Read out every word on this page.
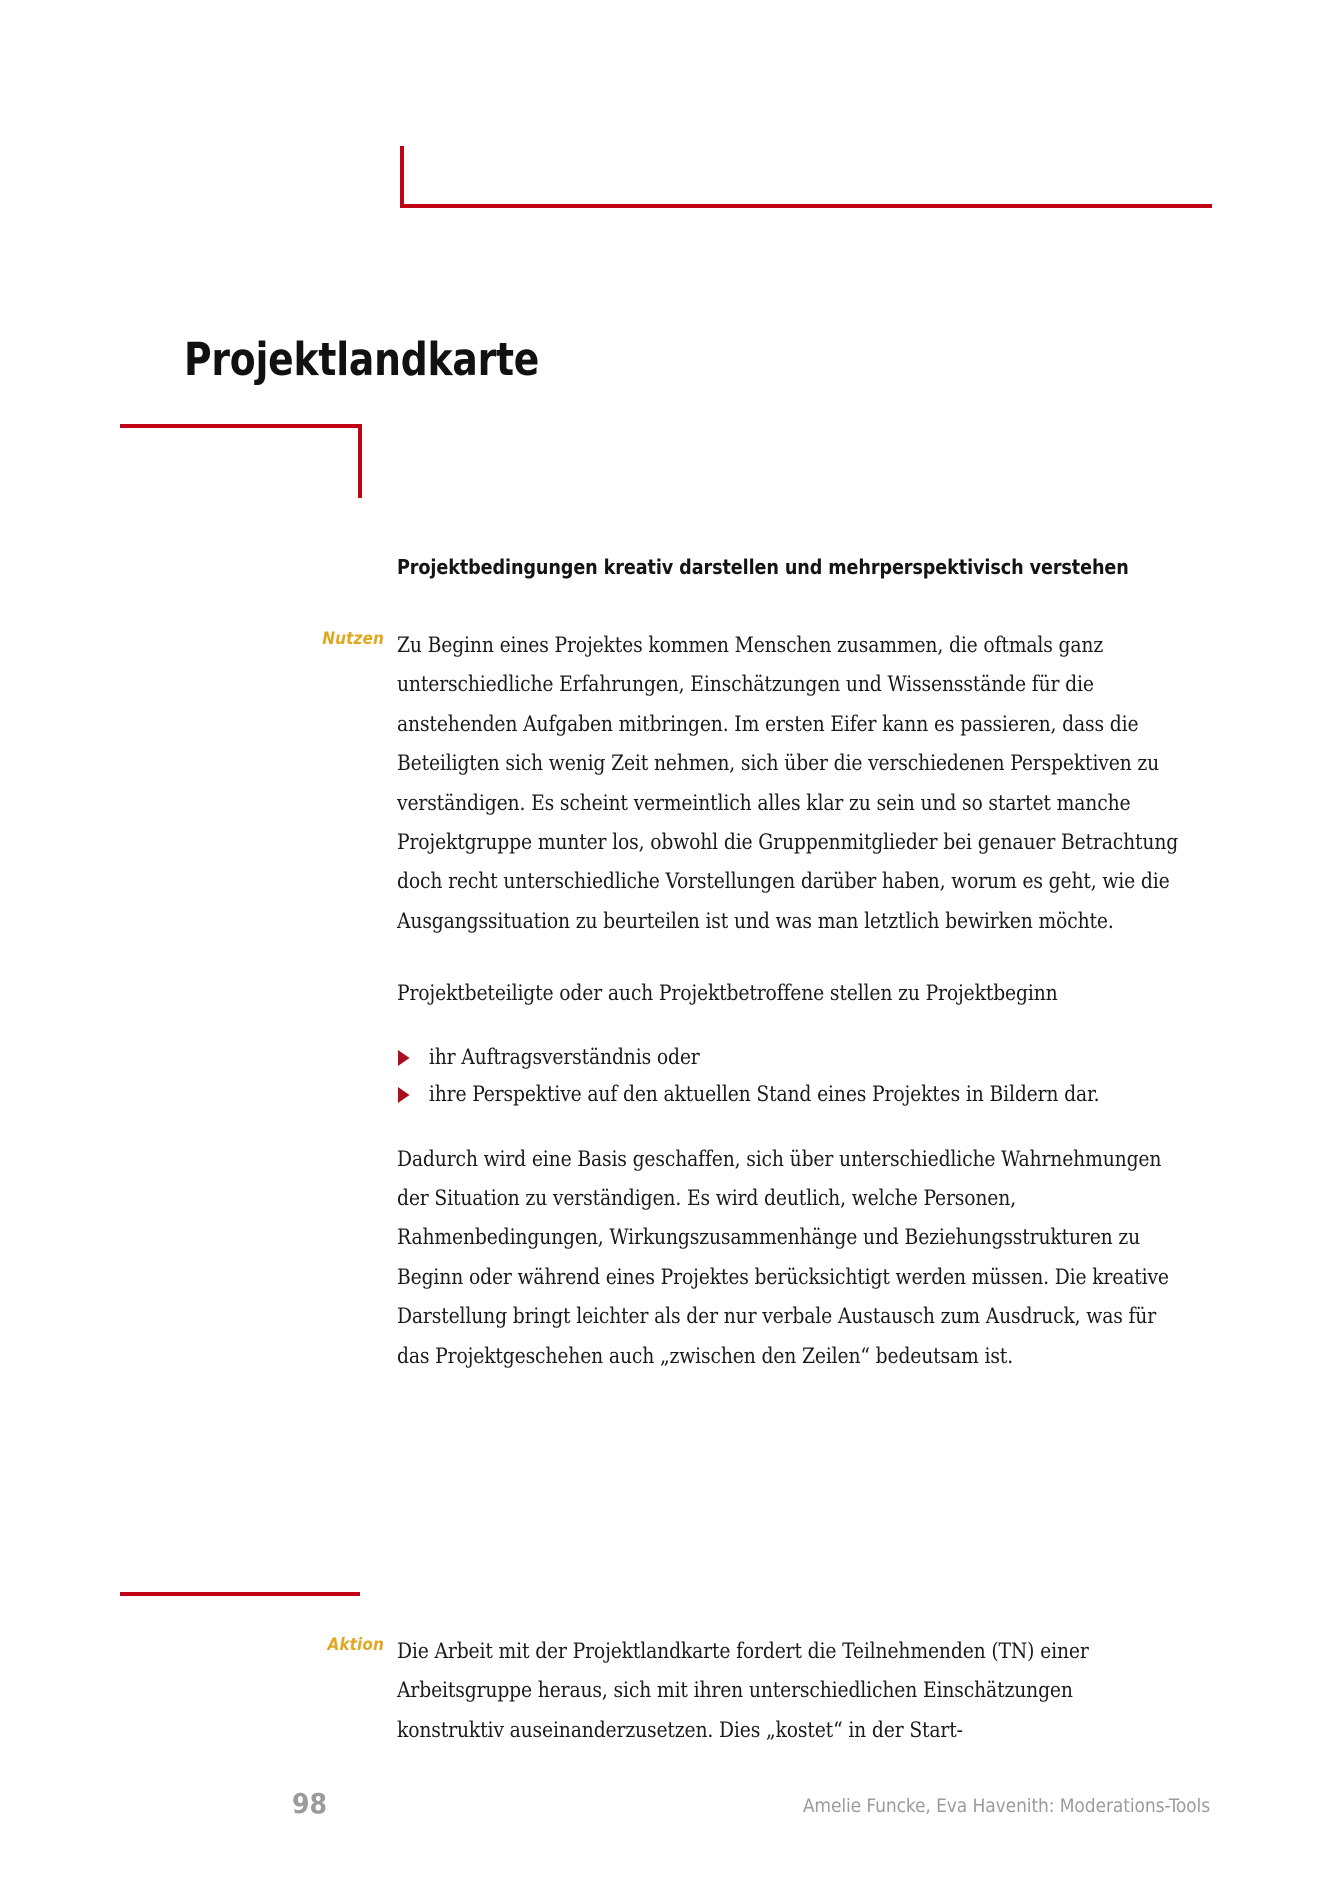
Projektlandkarte
Projektbedingungen kreativ darstellen und mehrperspektivisch verstehen
Nutzen Zu Beginn eines Projektes kommen Menschen zusammen, die oftmals ganz unterschiedliche Erfahrungen, Einschätzungen und Wissensstände für die anstehenden Aufgaben mitbringen. Im ersten Eifer kann es passieren, dass die Beteiligten sich wenig Zeit nehmen, sich über die verschiedenen Perspektiven zu verständigen. Es scheint vermeintlich alles klar zu sein und so startet manche Projektgruppe munter los, obwohl die Gruppenmitglieder bei genauer Betrachtung doch recht unterschiedliche Vorstellungen darüber haben, worum es geht, wie die Ausgangssituation zu beurteilen ist und was man letztlich bewirken möchte.

Projektbeteiligte oder auch Projektbetroffene stellen zu Projektbeginn

ihr Auftragsverständnis oder
ihre Perspektive auf den aktuellen Stand eines Projektes in Bildern dar.

Dadurch wird eine Basis geschaffen, sich über unterschiedliche Wahrnehmungen der Situation zu verständigen. Es wird deutlich, welche Personen, Rahmenbedingungen, Wirkungszusammenhänge und Beziehungsstrukturen zu Beginn oder während eines Projektes berücksichtigt werden müssen. Die kreative Darstellung bringt leichter als der nur verbale Austausch zum Ausdruck, was für das Projektgeschehen auch „zwischen den Zeilen“ bedeutsam ist.

Aktion Die Arbeit mit der Projektlandkarte fordert die Teilnehmenden (TN) einer Arbeitsgruppe heraus, sich mit ihren unterschiedlichen Einschätzungen konstruktiv auseinanderzusetzen. Dies „kostet“ in der Start-

98	Amelie Funcke, Eva Havenith: Moderations-Tools
